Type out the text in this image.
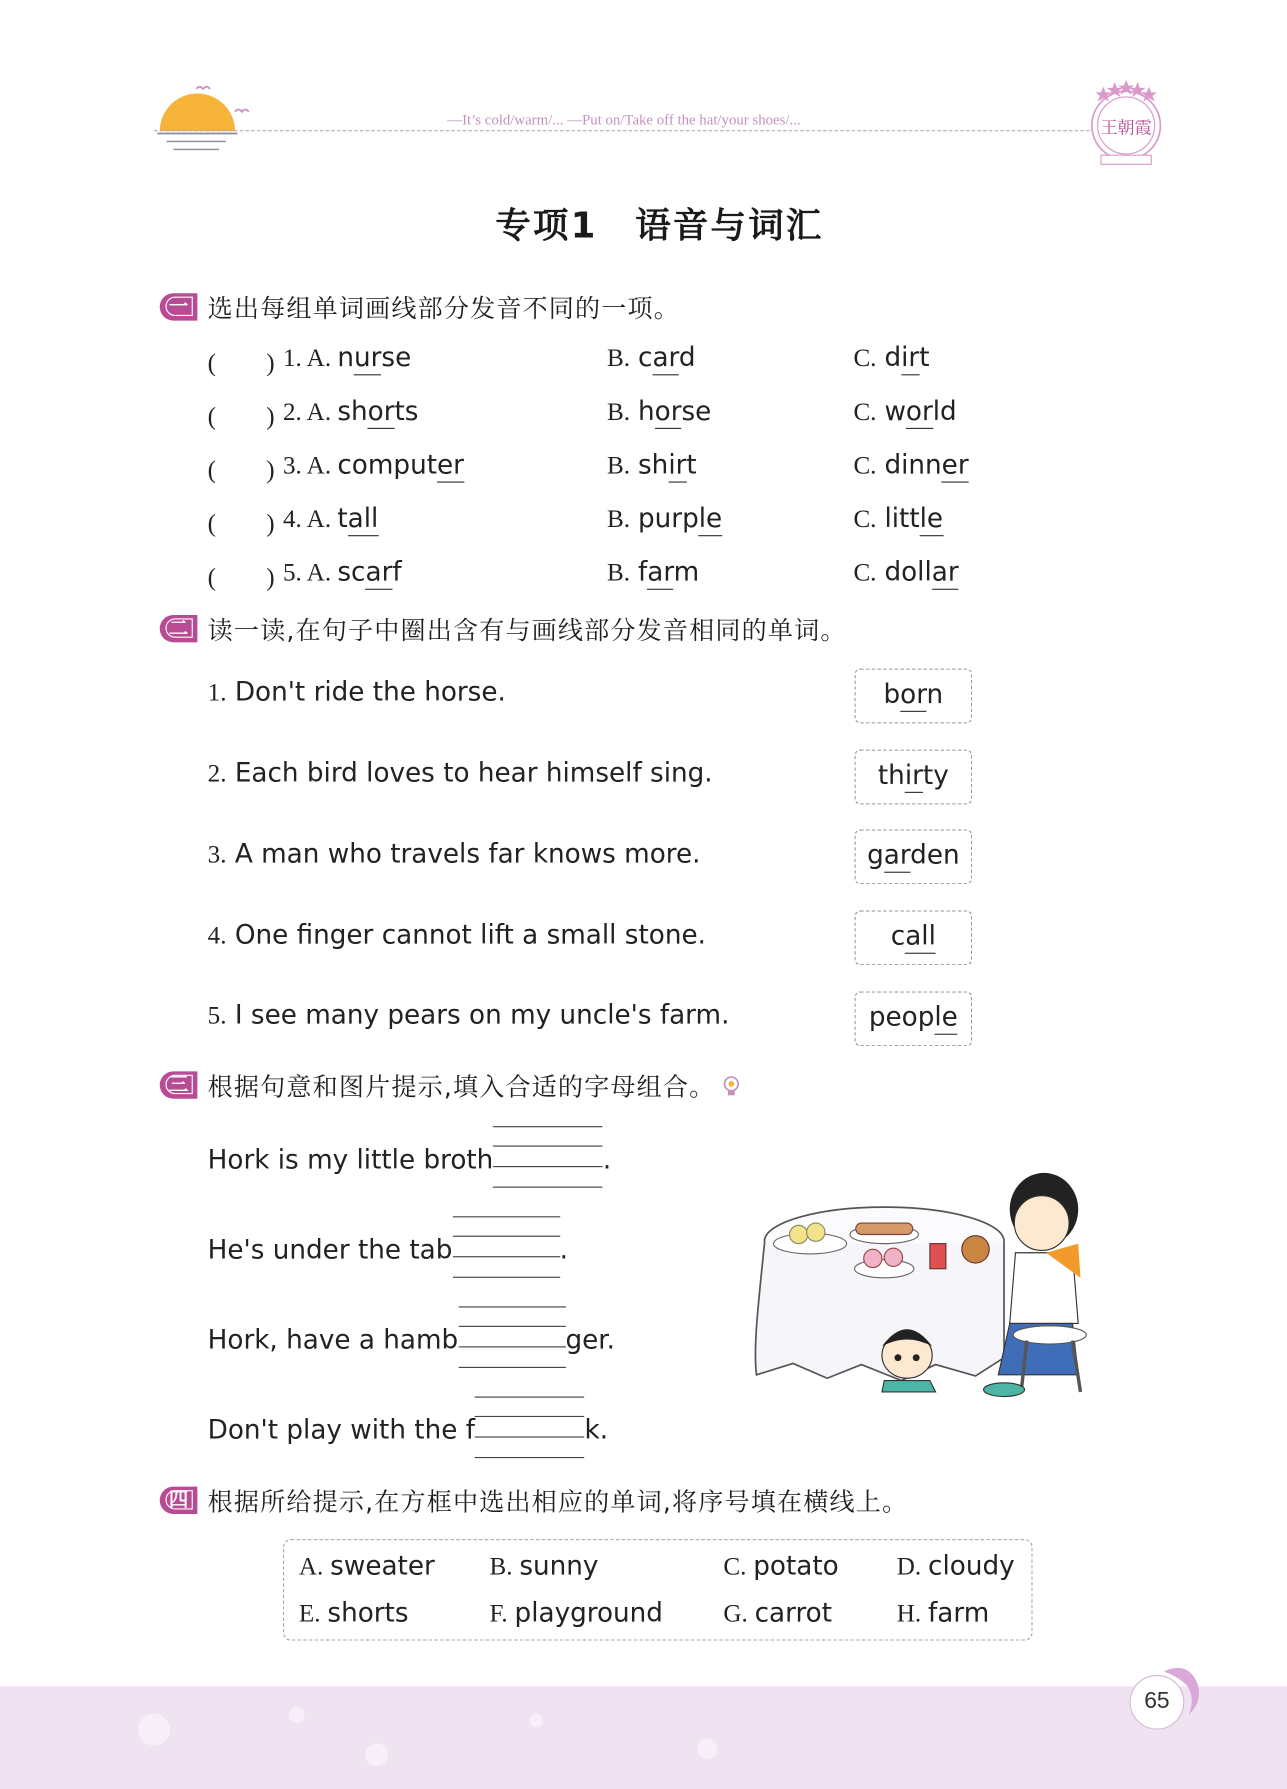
—It’s cold/warm/... —Put on/Take off the hat/your shoes/...	王朝霞
专项1　语音与词汇
一 选出每组单词画线部分发音不同的一项。
(　　) 1. A. nurse	B. card	C. dirt
(　　) 2. A. shorts	B. horse	C. world
(　　) 3. A. computer	B. shirt	C. dinner
(　　) 4. A. tall	B. purple	C. little
(　　) 5. A. scarf	B. farm	C. dollar
二 读一读,在句子中圈出含有与画线部分发音相同的单词。
1. Don't ride the horse.	born
2. Each bird loves to hear himself sing.	thirty
3. A man who travels far knows more.	garden
4. One finger cannot lift a small stone.	call
5. I see many pears on my uncle's farm.	people
三 根据句意和图片提示,填入合适的字母组合。
Hork is my little broth	.
He's under the tab	.
Hork, have a hamb	ger.
Don't play with the f	k.
四 根据所给提示,在方框中选出相应的单词,将序号填在横线上。
A. sweater B. sunny	C. potato	D. cloudy
E. shorts	F. playground	G. carrot	H. farm
65
